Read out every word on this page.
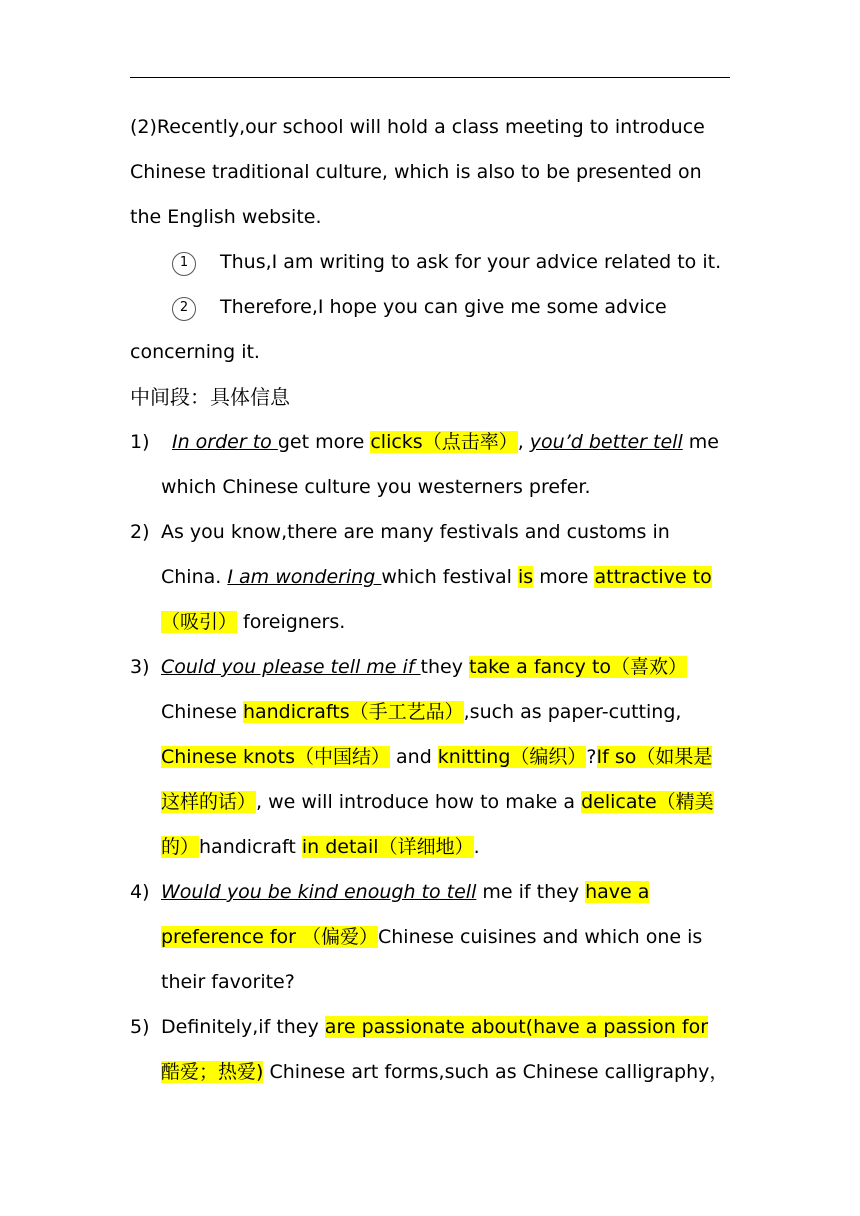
(2)Recently,our school will hold a class meeting to introduce Chinese traditional culture, which is also to be presented on the English website.

1 Thus,I am writing to ask for your advice related to it.

2 Therefore,I hope you can give me some advice concerning it.

中间段：具体信息

1) In order to get more clicks（点击率）, you’d better tell me which Chinese culture you westerners prefer.
2) As you know,there are many festivals and customs in China. I am wondering which festival is more attractive to（吸引） foreigners.
3) Could you please tell me if they take a fancy to（喜欢） Chinese handicrafts（手工艺品）,such as paper-cutting, Chinese knots（中国结） and knitting（编织）?If so（如果是这样的话）, we will introduce how to make a delicate（精美的）handicraft in detail（详细地）.
4) Would you be kind enough to tell me if they have a preference for （偏爱）Chinese cuisines and which one is their favorite?
5) Definitely,if they are passionate about(have a passion for 酷爱；热爱) Chinese art forms,such as Chinese calligraphy，
